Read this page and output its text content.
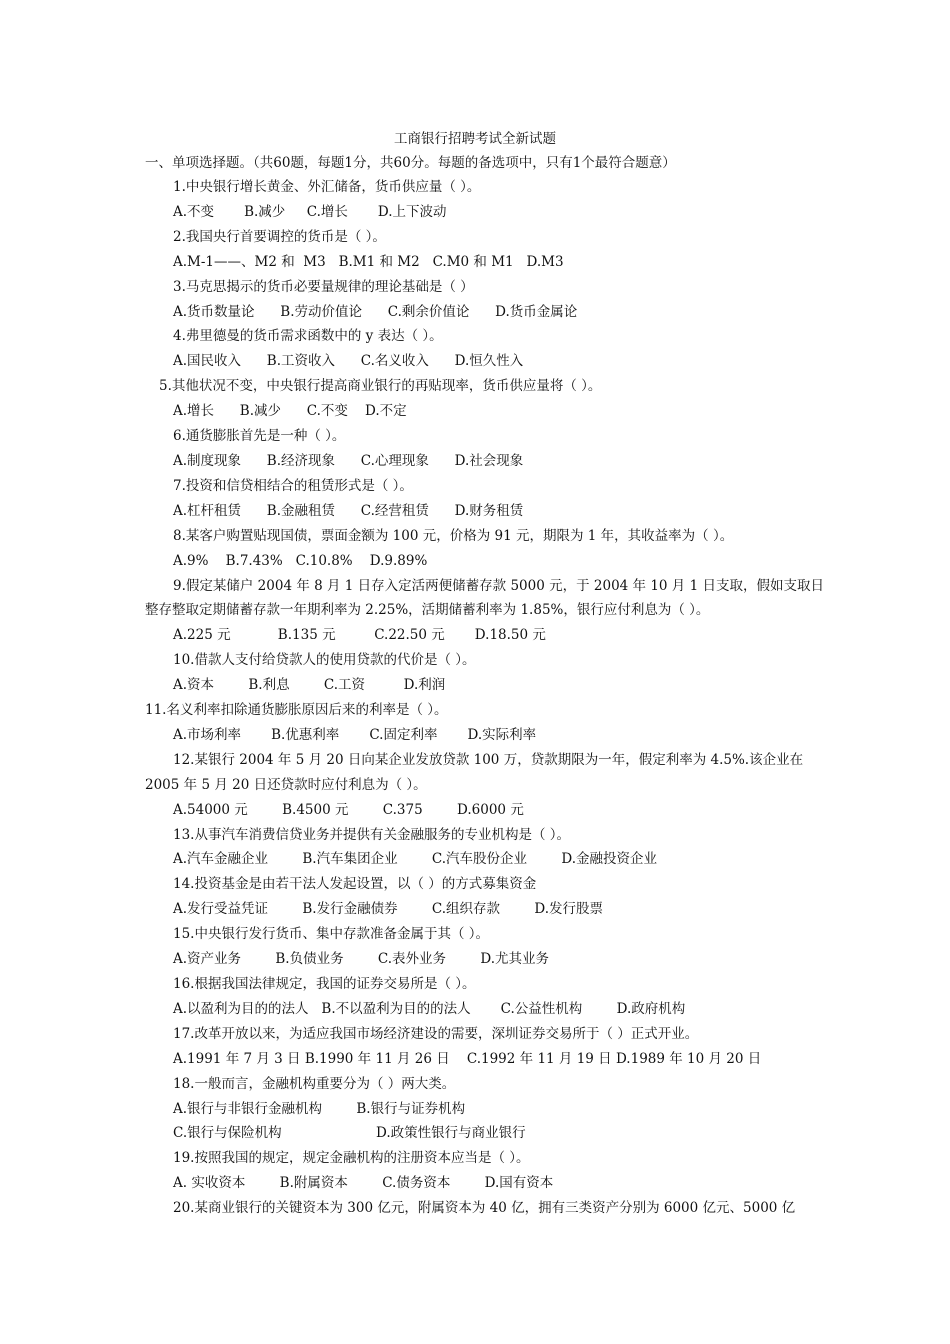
工商银行招聘考试全新试题
一、单项选择题。（共60题，每题1分，共60分。每题的备选项中，只有1个最符合题意）
1.中央银行增长黄金、外汇储备，货币供应量（ ）。
A.不变       B.减少     C.增长       D.上下波动
2.我国央行首要调控的货币是（ ）。
A.M-1——、M2 和  M3   B.M1 和 M2   C.M0 和 M1   D.M3
3.马克思揭示的货币必要量规律的理论基础是（ ）
A.货币数量论      B.劳动价值论      C.剩余价值论      D.货币金属论
4.弗里德曼的货币需求函数中的 y 表达（ ）。
A.国民收入      B.工资收入      C.名义收入      D.恒久性入
5.其他状况不变，中央银行提高商业银行的再贴现率，货币供应量将（ ）。
A.增长      B.减少      C.不变    D.不定
6.通货膨胀首先是一种（ ）。
A.制度现象      B.经济现象      C.心理现象      D.社会现象
7.投资和信贷相结合的租赁形式是（ ）。
A.杠杆租赁      B.金融租赁      C.经营租赁      D.财务租赁
8.某客户购置贴现国债，票面金额为 100 元，价格为 91 元，期限为 1 年，其收益率为（ ）。
A.9%    B.7.43%   C.10.8%    D.9.89%
9.假定某储户 2004 年 8 月 1 日存入定活两便储蓄存款 5000 元，于 2004 年 10 月 1 日支取，假如支取日
整存整取定期储蓄存款一年期利率为 2.25%，活期储蓄利率为 1.85%，银行应付利息为（ ）。
A.225 元           B.135 元         C.22.50 元       D.18.50 元
10.借款人支付给贷款人的使用贷款的代价是（ ）。
A.资本        B.利息        C.工资         D.利润
11.名义利率扣除通货膨胀原因后来的利率是（ ）。
A.市场利率       B.优惠利率       C.固定利率       D.实际利率
12.某银行 2004 年 5 月 20 日向某企业发放贷款 100 万，贷款期限为一年，假定利率为 4.5%.该企业在
2005 年 5 月 20 日还贷款时应付利息为（ ）。
A.54000 元        B.4500 元        C.375        D.6000 元
13.从事汽车消费信贷业务并提供有关金融服务的专业机构是（ ）。
A.汽车金融企业        B.汽车集团企业        C.汽车股份企业        D.金融投资企业
14.投资基金是由若干法人发起设置，以（ ）的方式募集资金
A.发行受益凭证        B.发行金融债券        C.组织存款        D.发行股票
15.中央银行发行货币、集中存款准备金属于其（ ）。
A.资产业务        B.负债业务        C.表外业务        D.尤其业务
16.根据我国法律规定，我国的证券交易所是（ ）。
A.以盈利为目的的法人   B.不以盈利为目的的法人       C.公益性机构        D.政府机构
17.改革开放以来，为适应我国市场经济建设的需要，深圳证券交易所于（ ）正式开业。
A.1991 年 7 月 3 日 B.1990 年 11 月 26 日    C.1992 年 11 月 19 日 D.1989 年 10 月 20 日
18.一般而言，金融机构重要分为（ ）两大类。
A.银行与非银行金融机构        B.银行与证券机构
C.银行与保险机构                      D.政策性银行与商业银行
19.按照我国的规定，规定金融机构的注册资本应当是（ ）。
A. 实收资本        B.附属资本        C.债务资本        D.国有资本
20.某商业银行的关键资本为 300 亿元，附属资本为 40 亿，拥有三类资产分别为 6000 亿元、5000 亿
